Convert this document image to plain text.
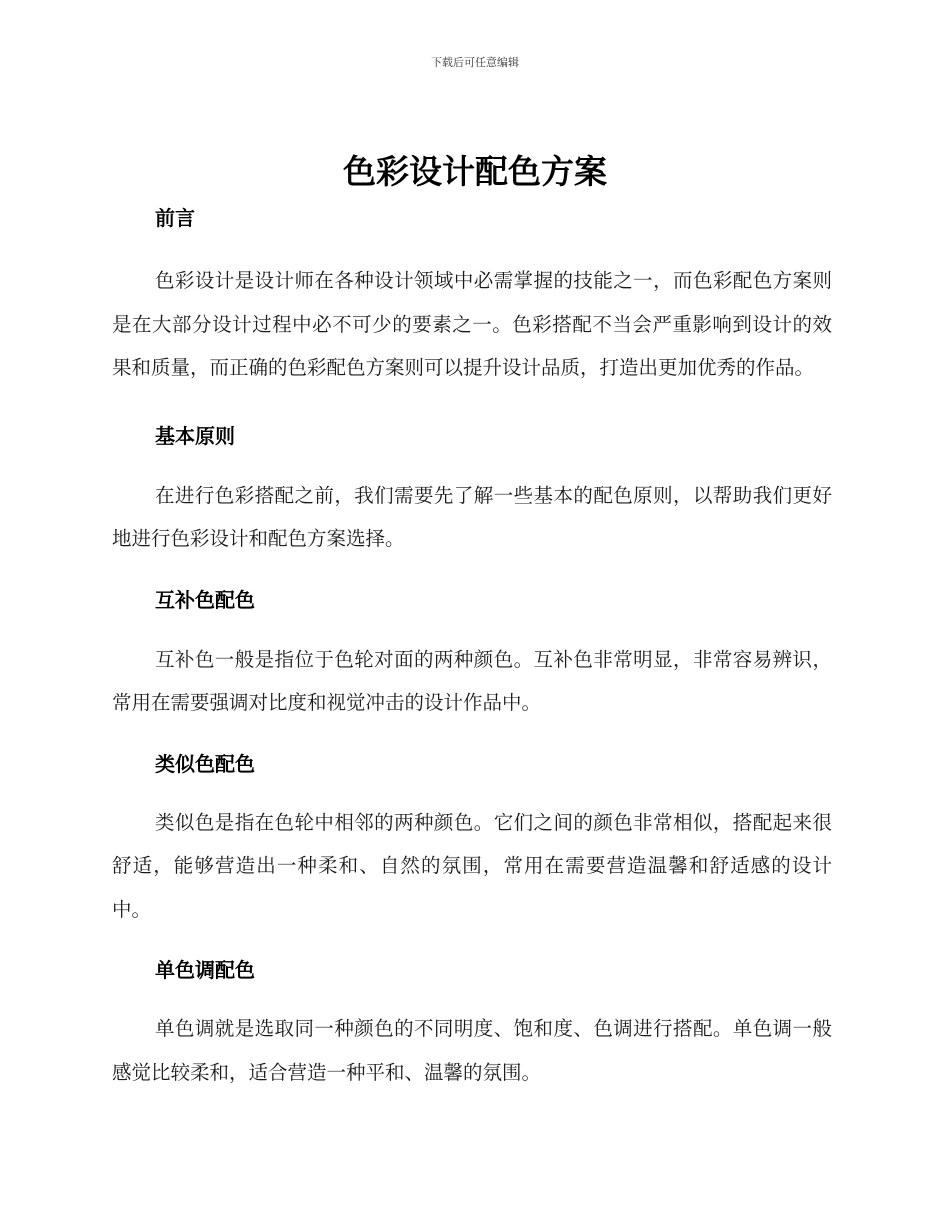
下载后可任意编辑
色彩设计配色方案
前言

色彩设计是设计师在各种设计领域中必需掌握的技能之一，而色彩配色方案则是在大部分设计过程中必不可少的要素之一。色彩搭配不当会严重影响到设计的效果和质量，而正确的色彩配色方案则可以提升设计品质，打造出更加优秀的作品。

基本原则

在进行色彩搭配之前，我们需要先了解一些基本的配色原则，以帮助我们更好地进行色彩设计和配色方案选择。

互补色配色

互补色一般是指位于色轮对面的两种颜色。互补色非常明显，非常容易辨识，常用在需要强调对比度和视觉冲击的设计作品中。

类似色配色

类似色是指在色轮中相邻的两种颜色。它们之间的颜色非常相似，搭配起来很舒适，能够营造出一种柔和、自然的氛围，常用在需要营造温馨和舒适感的设计中。

单色调配色

单色调就是选取同一种颜色的不同明度、饱和度、色调进行搭配。单色调一般感觉比较柔和，适合营造一种平和、温馨的氛围。
